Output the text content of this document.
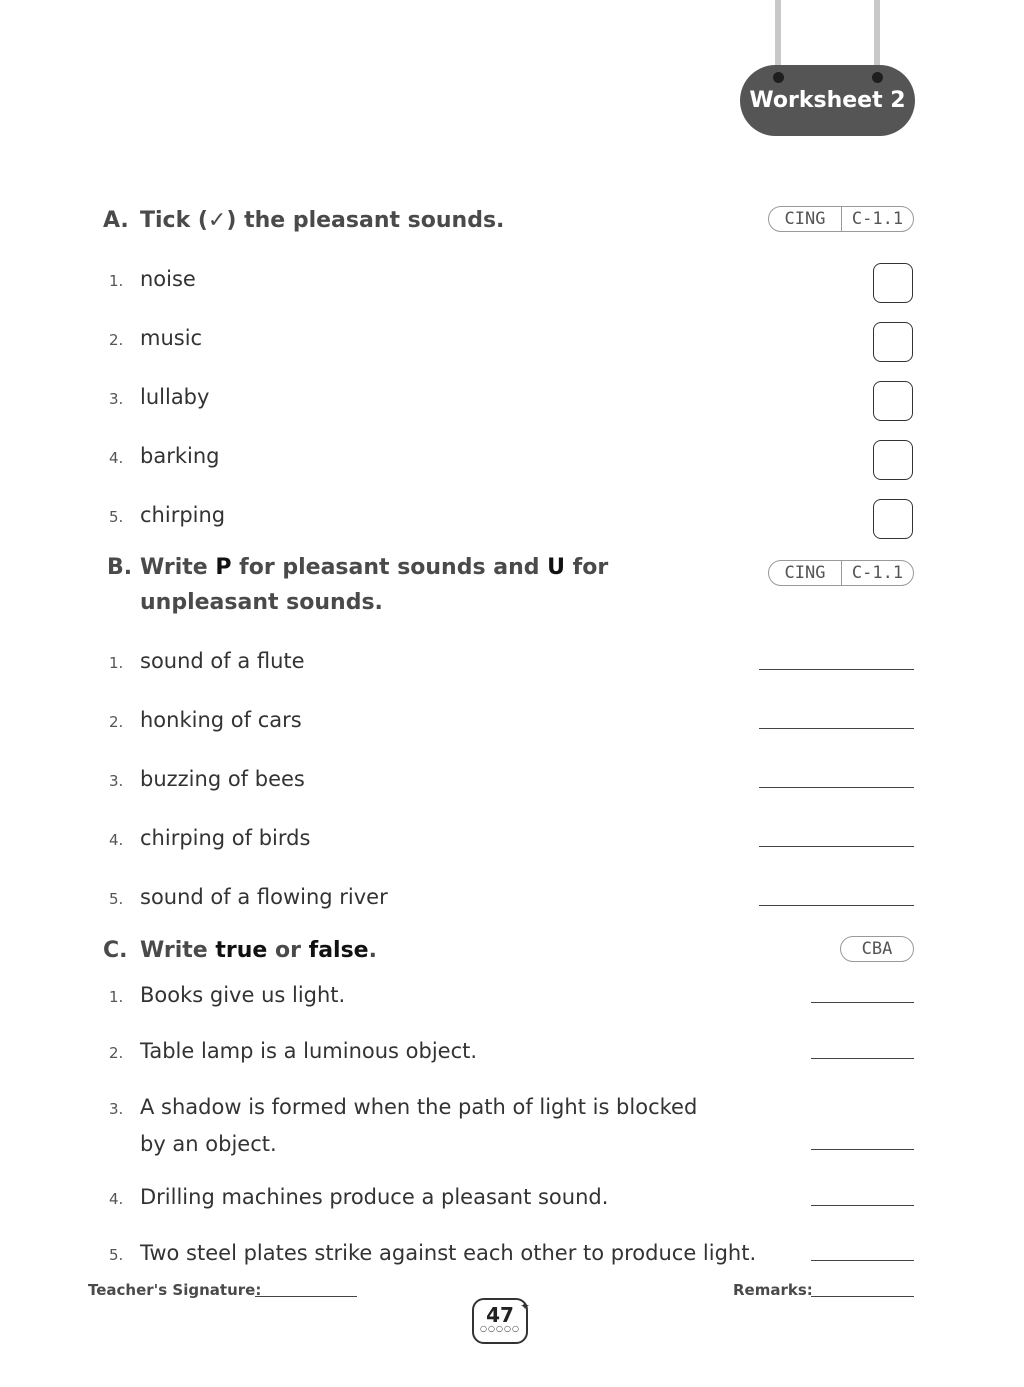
Worksheet 2
A. Tick (✓) the pleasant sounds.	CING	C-1.1
1. noise
2. music
3. lullaby
4. barking
5. chirping
B. Write P for pleasant sounds and U for
unpleasant sounds.
CING	C-1.1
1. sound of a flute
2. honking of cars
3. buzzing of bees
4. chirping of birds
5. sound of a flowing river
C. Write true or false.	CBA
1. Books give us light.
2. Table lamp is a luminous object.
3. A shadow is formed when the path of light is blocked
by an object.
4. Drilling machines produce a pleasant sound.
5. Two steel plates strike against each other to produce light.
Teacher's Signature:	Remarks:
47
○○○○○
✦
